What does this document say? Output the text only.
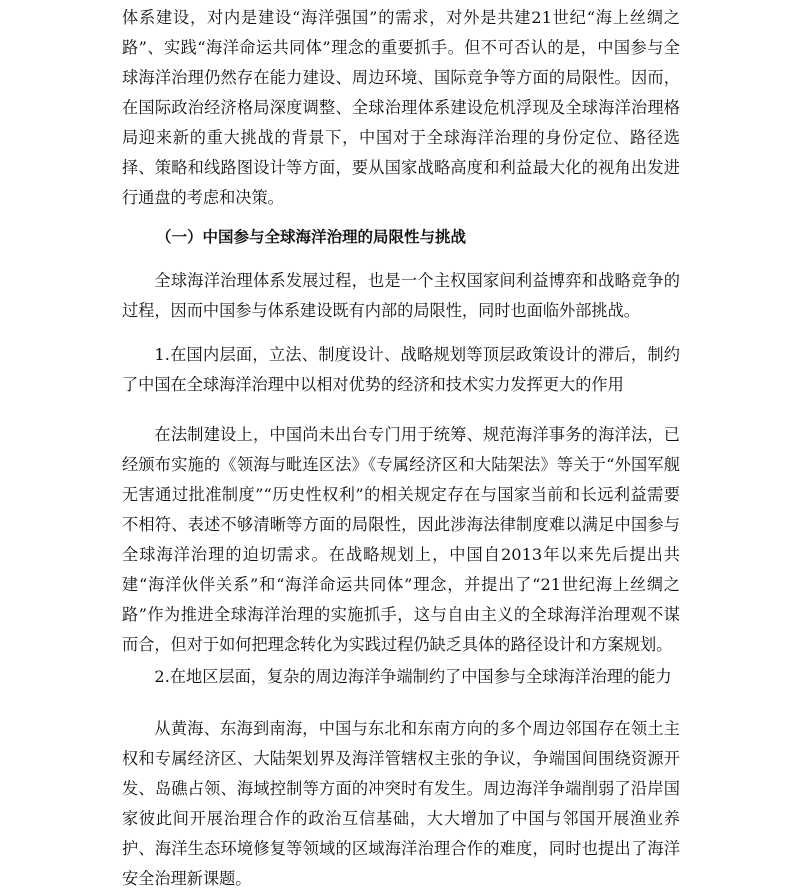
体系建设，对内是建设“海洋强国”的需求，对外是共建21世纪“海上丝绸之路”、实践“海洋命运共同体”理念的重要抓手。但不可否认的是，中国参与全球海洋治理仍然存在能力建设、周边环境、国际竞争等方面的局限性。因而，在国际政治经济格局深度调整、全球治理体系建设危机浮现及全球海洋治理格局迎来新的重大挑战的背景下，中国对于全球海洋治理的身份定位、路径选择、策略和线路图设计等方面，要从国家战略高度和利益最大化的视角出发进行通盘的考虑和决策。

（一）中国参与全球海洋治理的局限性与挑战

全球海洋治理体系发展过程，也是一个主权国家间利益博弈和战略竞争的过程，因而中国参与体系建设既有内部的局限性，同时也面临外部挑战。

1.在国内层面，立法、制度设计、战略规划等顶层政策设计的滞后，制约了中国在全球海洋治理中以相对优势的经济和技术实力发挥更大的作用

在法制建设上，中国尚未出台专门用于统筹、规范海洋事务的海洋法，已经颁布实施的《领海与毗连区法》《专属经济区和大陆架法》等关于“外国军舰无害通过批准制度”“历史性权利”的相关规定存在与国家当前和长远利益需要不相符、表述不够清晰等方面的局限性，因此涉海法律制度难以满足中国参与全球海洋治理的迫切需求。在战略规划上，中国自2013年以来先后提出共建“海洋伙伴关系”和“海洋命运共同体”理念，并提出了“21世纪海上丝绸之路”作为推进全球海洋治理的实施抓手，这与自由主义的全球海洋治理观不谋而合，但对于如何把理念转化为实践过程仍缺乏具体的路径设计和方案规划。

2.在地区层面，复杂的周边海洋争端制约了中国参与全球海洋治理的能力

从黄海、东海到南海，中国与东北和东南方向的多个周边邻国存在领土主权和专属经济区、大陆架划界及海洋管辖权主张的争议，争端国间围绕资源开发、岛礁占领、海域控制等方面的冲突时有发生。周边海洋争端削弱了沿岸国家彼此间开展治理合作的政治互信基础，大大增加了中国与邻国开展渔业养护、海洋生态环境修复等领域的区域海洋治理合作的难度，同时也提出了海洋安全治理新课题。
